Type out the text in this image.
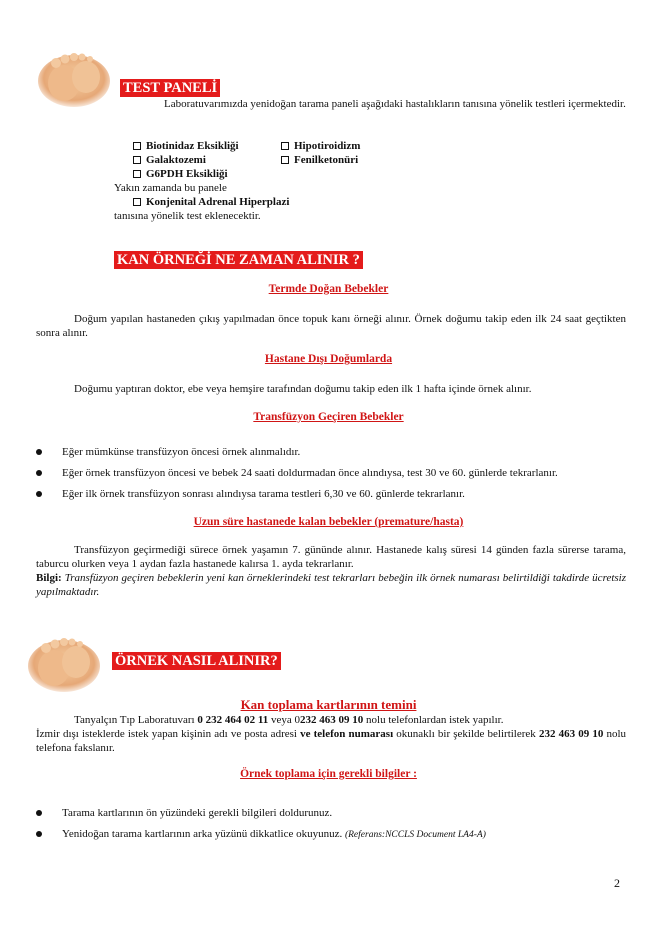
TEST PANELİ
Laboratuvarımızda yenidoğan tarama paneli aşağıdaki hastalıkların tanısına yönelik testleri içermektedir.
Biotinidaz Eksikliği
Galaktozemi
G6PDH Eksikliği
Hipotiroidizm
Fenilketonüri
Yakın zamanda bu panele
Konjenital Adrenal Hiperplazi
tanısına yönelik test eklenecektir.
KAN ÖRNEĞİ NE ZAMAN ALINIR ?
Termde Doğan Bebekler
Doğum yapılan hastaneden çıkış yapılmadan önce topuk kanı örneği alınır. Örnek doğumu takip eden ilk 24 saat geçtikten sonra alınır.
Hastane Dışı Doğumlarda
Doğumu yaptıran doktor, ebe veya hemşire tarafından doğumu takip eden ilk 1 hafta içinde örnek alınır.
Transfüzyon Geçiren Bebekler
Eğer mümkünse transfüzyon öncesi örnek alınmalıdır.
Eğer örnek transfüzyon öncesi ve bebek 24 saati doldurmadan önce alındıysa, test 30 ve 60. günlerde tekrarlanır.
Eğer ilk örnek transfüzyon sonrası alındıysa tarama testleri 6,30 ve 60. günlerde tekrarlanır.
Uzun süre hastanede kalan bebekler (premature/hasta)
Transfüzyon geçirmediği sürece örnek yaşamın 7. gününde alınır. Hastanede kalış süresi 14 günden fazla sürerse tarama, taburcu olurken veya 1 aydan fazla hastanede kalırsa 1. ayda tekrarlanır.
Bilgi: Transfüzyon geçiren bebeklerin yeni kan örneklerindeki test tekrarları bebeğin ilk örnek numarası belirtildiği takdirde ücretsiz yapılmaktadır.
ÖRNEK NASIL ALINIR?
Kan toplama kartlarının temini
Tanyalçın Tıp Laboratuvarı 0 232 464 02 11 veya 0232 463 09 10 nolu telefonlardan istek yapılır.
İzmir dışı isteklerde istek yapan kişinin adı ve posta adresi ve telefon numarası okunaklı bir şekilde belirtilerek 232 463 09 10 nolu telefona fakslanır.
Örnek toplama için gerekli bilgiler :
Tarama kartlarının ön yüzündeki gerekli bilgileri doldurunuz.
Yenidoğan tarama kartlarının arka yüzünü dikkatlice okuyunuz. (Referans:NCCLS Document LA4-A)
2
